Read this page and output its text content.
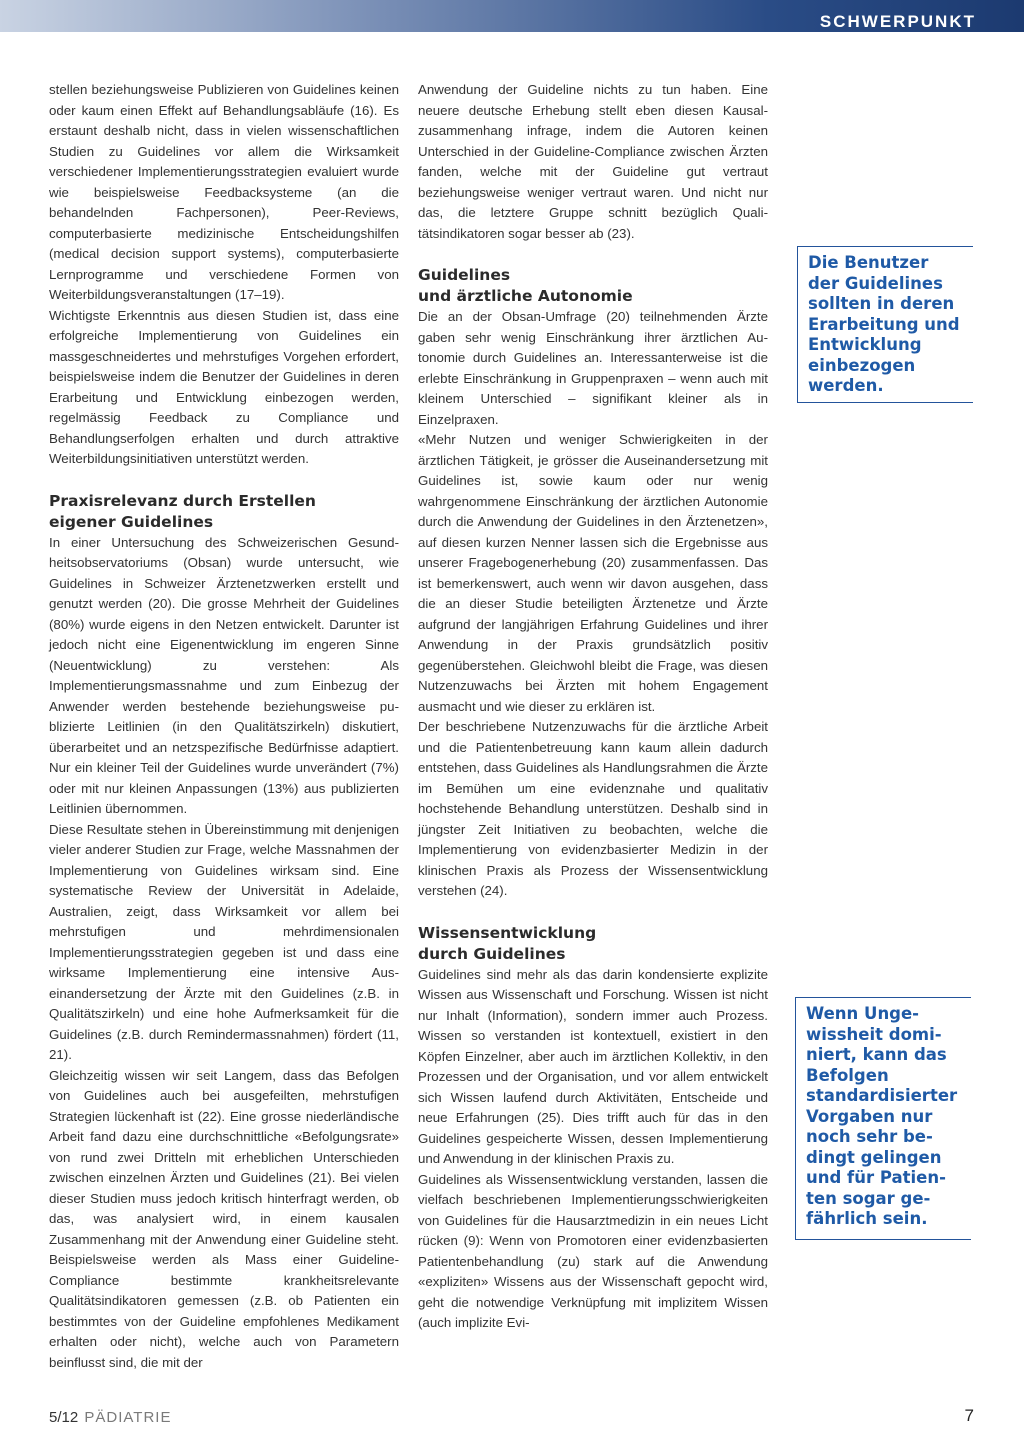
SCHWERPUNKT

stellen beziehungsweise Publizieren von Guidelines keinen oder kaum einen Effekt auf Behandlungsabläufe (16). Es erstaunt deshalb nicht, dass in vielen wissenschaftlichen Studien zu Guidelines vor allem die Wirksamkeit verschiedener Implementierungsstrategien evaluiert wurde wie beispielsweise Feedbacksysteme (an die behandelnden Fachpersonen), Peer-Reviews, computerbasierte medizinische Entscheidungshilfen (medical decision support systems), computerbasierte Lernprogramme und verschiedene Formen von Weiterbildungsveranstaltungen (17–19).

Wichtigste Erkenntnis aus diesen Studien ist, dass eine erfolgreiche Implementierung von Guidelines ein massgeschneidertes und mehrstufiges Vorgehen erfordert, beispielsweise indem die Benutzer der Guidelines in deren Erarbeitung und Entwicklung einbezogen werden, regelmässig Feedback zu Compliance und Behandlungserfolgen erhalten und durch attraktive Weiterbildungsinitiativen unterstützt werden.

Praxisrelevanz durch Erstellen
eigener Guidelines

In einer Untersuchung des Schweizerischen Gesundheitsobservatoriums (Obsan) wurde untersucht, wie Guidelines in Schweizer Ärztenetzwerken erstellt und genutzt werden (20). Die grosse Mehrheit der Guidelines (80%) wurde eigens in den Netzen entwickelt. Darunter ist jedoch nicht eine Eigenentwicklung im engeren Sinne (Neuentwicklung) zu verstehen: Als Implementierungsmassnahme und zum Einbezug der Anwender werden bestehende beziehungsweise publizierte Leitlinien (in den Qualitätszirkeln) diskutiert, überarbeitet und an netzspezifische Bedürfnisse adaptiert. Nur ein kleiner Teil der Guidelines wurde unverändert (7%) oder mit nur kleinen Anpassungen (13%) aus publizierten Leitlinien übernommen.

Diese Resultate stehen in Übereinstimmung mit denjenigen vieler anderer Studien zur Frage, welche Massnahmen der Implementierung von Guidelines wirksam sind. Eine systematische Review der Universität in Adelaide, Australien, zeigt, dass Wirksamkeit vor allem bei mehrstufigen und mehrdimensionalen Implementierungsstrategien gegeben ist und dass eine wirksame Implementierung eine intensive Auseinandersetzung der Ärzte mit den Guidelines (z.B. in Qualitätszirkeln) und eine hohe Aufmerksamkeit für die Guidelines (z.B. durch Remindermassnahmen) fördert (11, 21).

Gleichzeitig wissen wir seit Langem, dass das Befolgen von Guidelines auch bei ausgefeilten, mehrstufigen Strategien lückenhaft ist (22). Eine grosse niederländische Arbeit fand dazu eine durchschnittliche «Befolgungsrate» von rund zwei Dritteln mit erheblichen Unterschieden zwischen einzelnen Ärzten und Guidelines (21). Bei vielen dieser Studien muss jedoch kritisch hinterfragt werden, ob das, was analysiert wird, in einem kausalen Zusammenhang mit der Anwendung einer Guideline steht. Beispielsweise werden als Mass einer Guideline-Compliance bestimmte krankheitsrelevante Qualitätsindikatoren gemessen (z.B. ob Patienten ein bestimmtes von der Guideline empfohlenes Medikament erhalten oder nicht), welche auch von Parametern beinflusst sind, die mit der

Anwendung der Guideline nichts zu tun haben. Eine neuere deutsche Erhebung stellt eben diesen Kausalzusammenhang infrage, indem die Autoren keinen Unterschied in der Guideline-Compliance zwischen Ärzten fanden, welche mit der Guideline gut vertraut beziehungsweise weniger vertraut waren. Und nicht nur das, die letztere Gruppe schnitt bezüglich Qualitätsindikatoren sogar besser ab (23).

Guidelines
und ärztliche Autonomie

Die an der Obsan-Umfrage (20) teilnehmenden Ärzte gaben sehr wenig Einschränkung ihrer ärztlichen Autonomie durch Guidelines an. Interessanterweise ist die erlebte Einschränkung in Gruppenpraxen – wenn auch mit kleinem Unterschied – signifikant kleiner als in Einzelpraxen.

«Mehr Nutzen und weniger Schwierigkeiten in der ärztlichen Tätigkeit, je grösser die Auseinandersetzung mit Guidelines ist, sowie kaum oder nur wenig wahrgenommene Einschränkung der ärztlichen Autonomie durch die Anwendung der Guidelines in den Ärztenetzen», auf diesen kurzen Nenner lassen sich die Ergebnisse aus unserer Fragebogenerhebung (20) zusammenfassen. Das ist bemerkenswert, auch wenn wir davon ausgehen, dass die an dieser Studie beteiligten Ärztenetze und Ärzte aufgrund der langjährigen Erfahrung Guidelines und ihrer Anwendung in der Praxis grundsätzlich positiv gegenüberstehen. Gleichwohl bleibt die Frage, was diesen Nutzenzuwachs bei Ärzten mit hohem Engagement ausmacht und wie dieser zu erklären ist.

Der beschriebene Nutzenzuwachs für die ärztliche Arbeit und die Patientenbetreuung kann kaum allein dadurch entstehen, dass Guidelines als Handlungsrahmen die Ärzte im Bemühen um eine evidenznahe und qualitativ hochstehende Behandlung unterstützen. Deshalb sind in jüngster Zeit Initiativen zu beobachten, welche die Implementierung von evidenzbasierter Medizin in der klinischen Praxis als Prozess der Wissensentwicklung verstehen (24).

Wissensentwicklung
durch Guidelines

Guidelines sind mehr als das darin kondensierte explizite Wissen aus Wissenschaft und Forschung. Wissen ist nicht nur Inhalt (Information), sondern immer auch Prozess. Wissen so verstanden ist kontextuell, existiert in den Köpfen Einzelner, aber auch im ärztlichen Kollektiv, in den Prozessen und der Organisation, und vor allem entwickelt sich Wissen laufend durch Aktivitäten, Entscheide und neue Erfahrungen (25). Dies trifft auch für das in den Guidelines gespeicherte Wissen, dessen Implementierung und Anwendung in der klinischen Praxis zu.

Guidelines als Wissensentwicklung verstanden, lassen die vielfach beschriebenen Implementierungsschwierigkeiten von Guidelines für die Hausarztmedizin in ein neues Licht rücken (9): Wenn von Promotoren einer evidenzbasierten Patientenbehandlung (zu) stark auf die Anwendung «expliziten» Wissens aus der Wissenschaft gepocht wird, geht die notwendige Verknüpfung mit implizitem Wissen (auch implizite Evi-

Die Benutzer
der Guidelines
sollten in deren
Erarbeitung und
Entwicklung
einbezogen
werden.
Wenn Unge-
wissheit domi-
niert, kann das
Befolgen
standardisierter
Vorgaben nur
noch sehr be-
dingt gelingen
und für Patien-
ten sogar ge-
fährlich sein.
5/12 PÄDIATRIE	7
